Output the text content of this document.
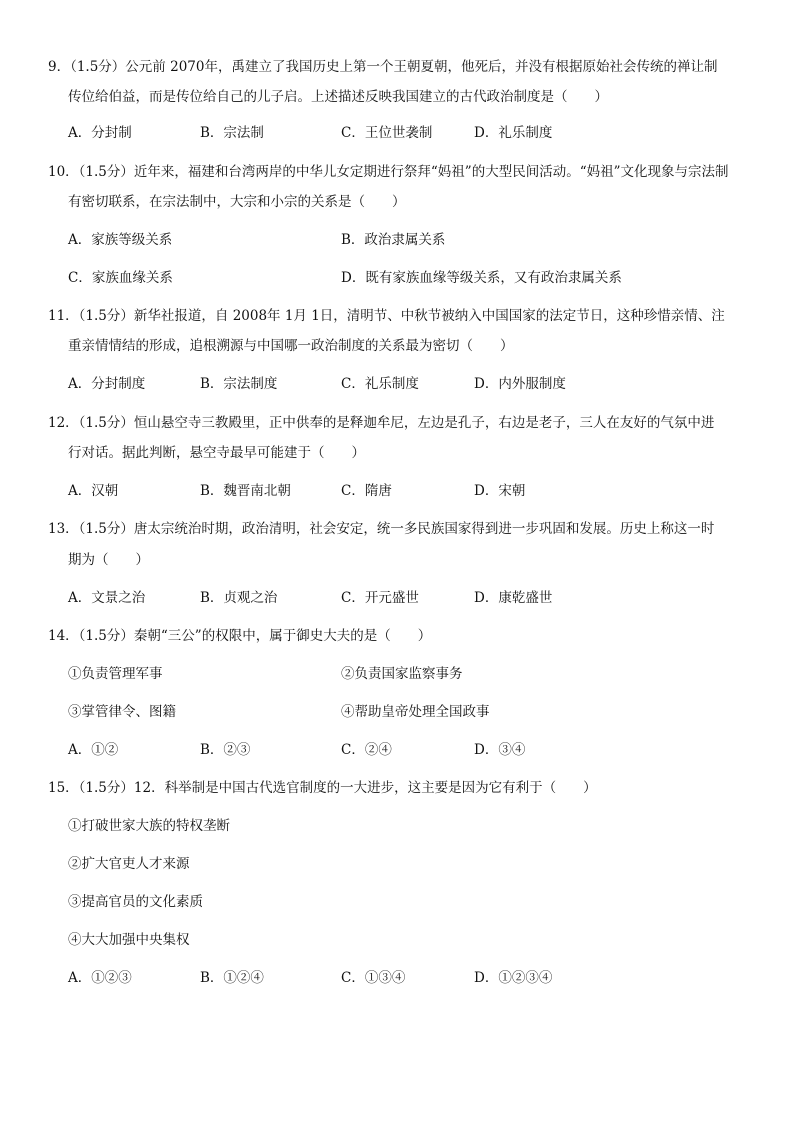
9．（1.5分）公元前 2070年，禹建立了我国历史上第一个王朝夏朝，他死后，并没有根据原始社会传统的禅让制
传位给伯益，而是传位给自己的儿子启。上述描述反映我国建立的古代政治制度是（　　）
A．分封制	B．宗法制	C．王位世袭制	D．礼乐制度
10．（1.5分）近年来，福建和台湾两岸的中华儿女定期进行祭拜“妈祖”的大型民间活动。“妈祖”文化现象与宗法制
有密切联系，在宗法制中，大宗和小宗的关系是（　　）
A．家族等级关系	B．政治隶属关系
C．家族血缘关系	D．既有家族血缘等级关系，又有政治隶属关系
11．（1.5分）新华社报道，自 2008年 1月 1日，清明节、中秋节被纳入中国国家的法定节日，这种珍惜亲情、注
重亲情情结的形成，追根溯源与中国哪一政治制度的关系最为密切（　　）
A．分封制度	B．宗法制度	C．礼乐制度	D．内外服制度
12．（1.5分）恒山悬空寺三教殿里，正中供奉的是释迦牟尼，左边是孔子，右边是老子，三人在友好的气氛中进
行对话。据此判断，悬空寺最早可能建于（　　）
A．汉朝	B．魏晋南北朝	C．隋唐	D．宋朝
13．（1.5分）唐太宗统治时期，政治清明，社会安定，统一多民族国家得到进一步巩固和发展。历史上称这一时
期为（　　）
A．文景之治	B．贞观之治	C．开元盛世	D．康乾盛世
14．（1.5分）秦朝“三公”的权限中，属于御史大夫的是（　　）
①负责管理军事	②负责国家监察事务
③掌管律令、图籍	④帮助皇帝处理全国政事
A．①②	B．②③	C．②④	D．③④
15．（1.5分）12．科举制是中国古代选官制度的一大进步，这主要是因为它有利于（　　）
①打破世家大族的特权垄断
②扩大官吏人才来源
③提高官员的文化素质
④大大加强中央集权
A．①②③	B．①②④	C．①③④	D．①②③④
